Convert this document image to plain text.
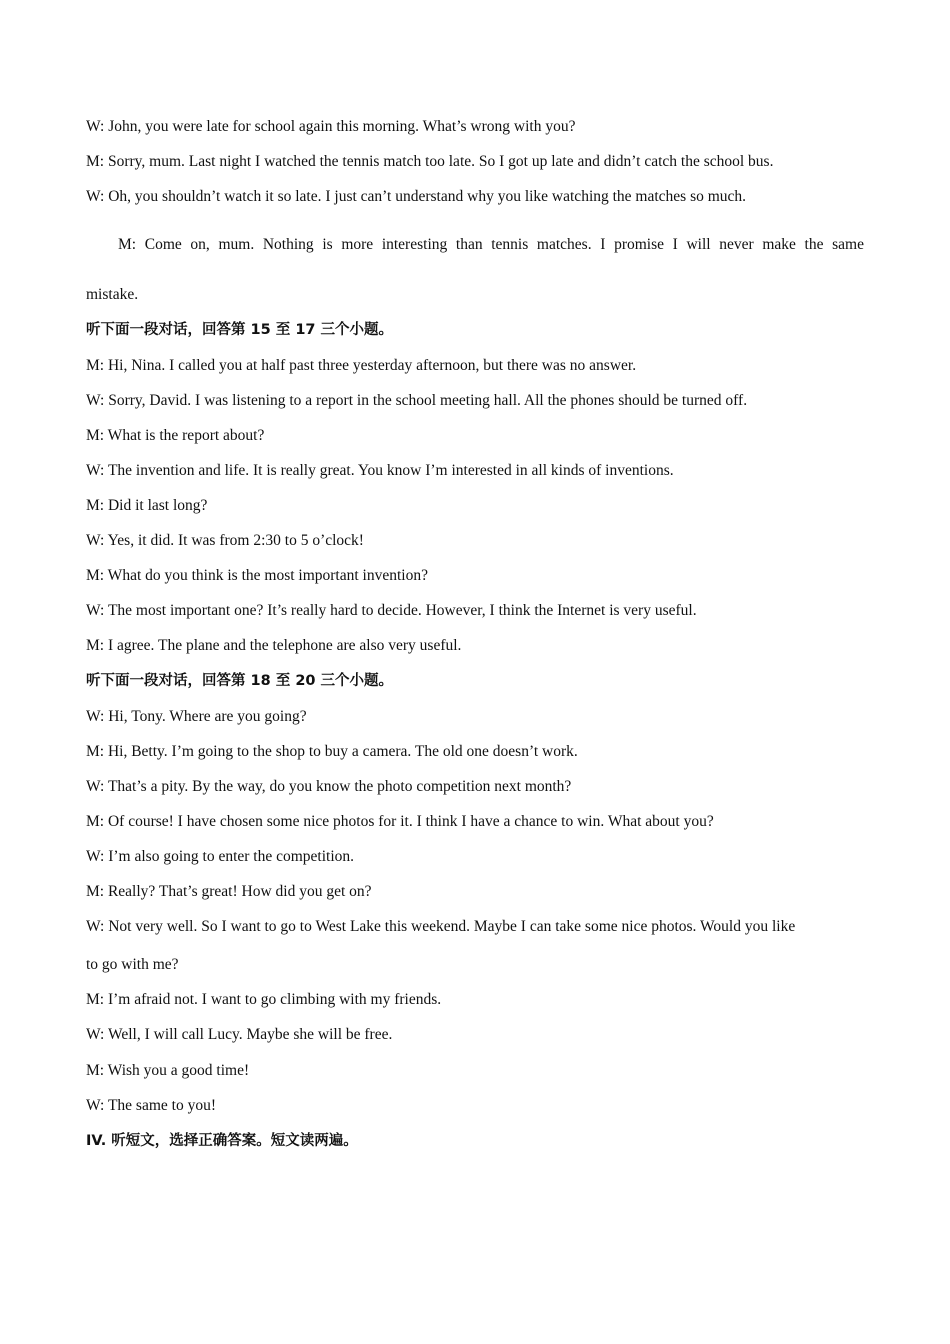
W: John, you were late for school again this morning. What’s wrong with you?
M: Sorry, mum. Last night I watched the tennis match too late. So I got up late and didn’t catch the school bus.
W: Oh, you shouldn’t watch it so late. I just can’t understand why you like watching the matches so much.
M: Come on, mum. Nothing is more interesting than tennis matches. I promise I will never make the same
mistake.
听下面一段对话，回答第 15 至 17 三个小题。
M: Hi, Nina. I called you at half past three yesterday afternoon, but there was no answer.
W: Sorry, David. I was listening to a report in the school meeting hall. All the phones should be turned off.
M: What is the report about?
W: The invention and life. It is really great. You know I’m interested in all kinds of inventions.
M: Did it last long?
W: Yes, it did. It was from 2:30 to 5 o’clock!
M: What do you think is the most important invention?
W: The most important one? It’s really hard to decide. However, I think the Internet is very useful.
M: I agree. The plane and the telephone are also very useful.
听下面一段对话，回答第 18 至 20 三个小题。
W: Hi, Tony. Where are you going?
M: Hi, Betty. I’m going to the shop to buy a camera. The old one doesn’t work.
W: That’s a pity. By the way, do you know the photo competition next month?
M: Of course! I have chosen some nice photos for it. I think I have a chance to win. What about you?
W: I’m also going to enter the competition.
M: Really? That’s great! How did you get on?
W: Not very well. So I want to go to West Lake this weekend. Maybe I can take some nice photos. Would you like
to go with me?
M: I’m afraid not. I want to go climbing with my friends.
W: Well, I will call Lucy. Maybe she will be free.
M: Wish you a good time!
W: The same to you!
IV. 听短文，选择正确答案。短文读两遍。
